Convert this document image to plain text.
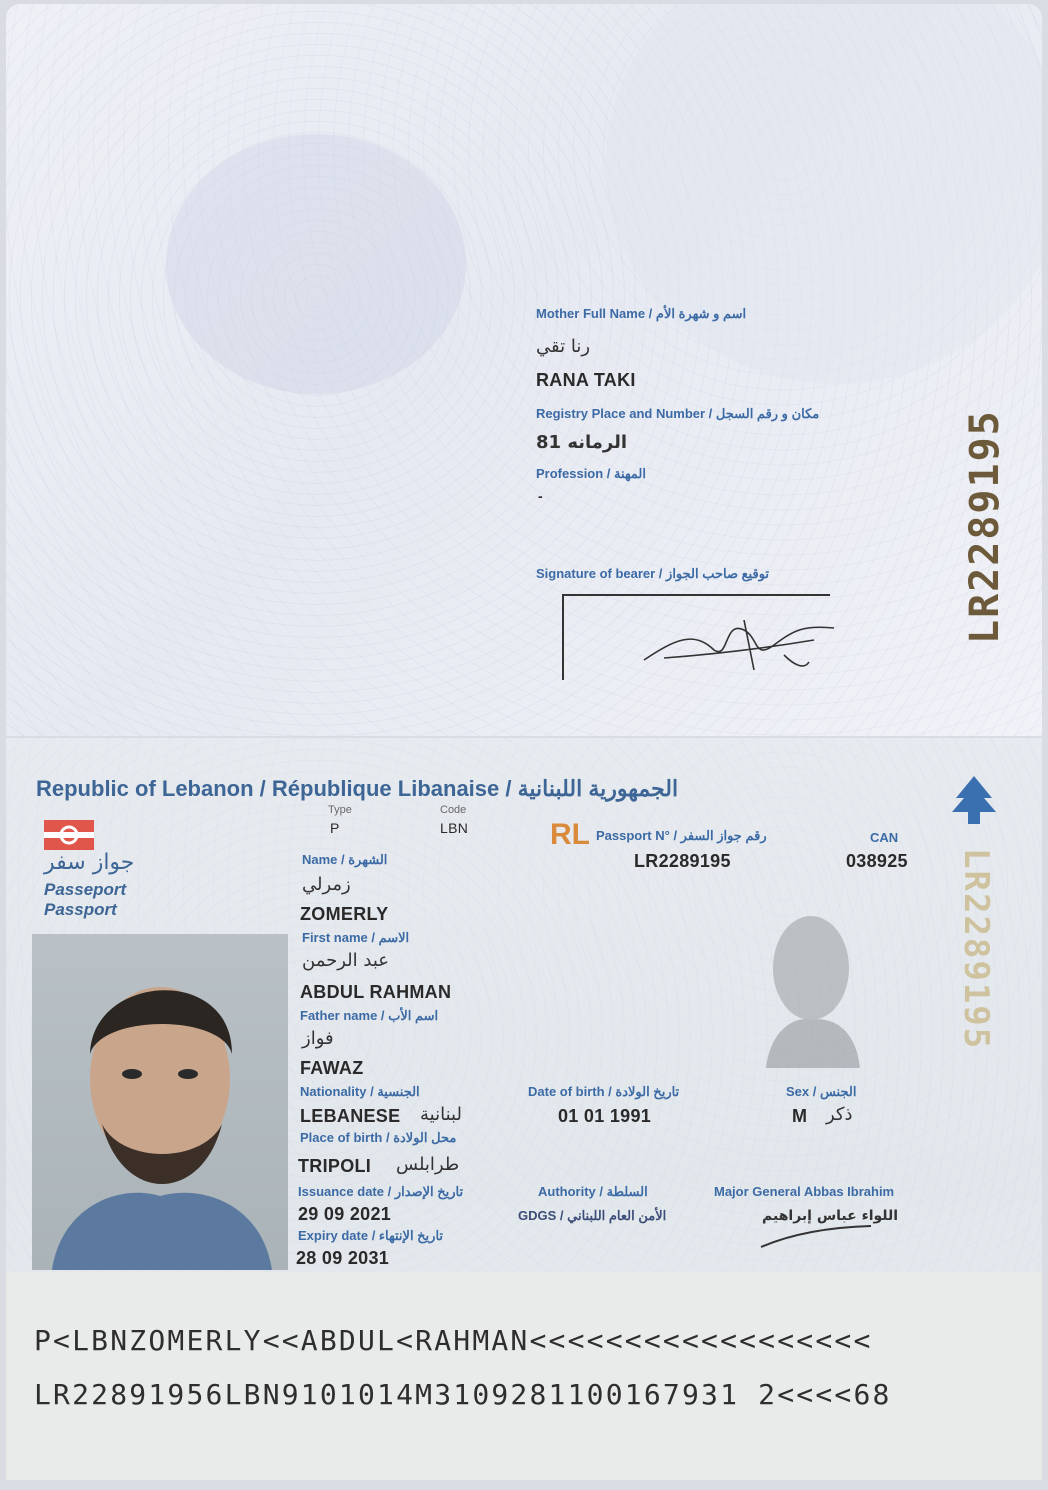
Mother Full Name / اسم و شهرة الأم
رنا تقي
RANA TAKI
Registry Place and Number / مكان و رقم السجل
الرمانه 81
Profession / المهنة
-
Signature of bearer / توقيع صاحب الجواز	LR2289195
Republic of Lebanon / République Libanaise / الجمهورية اللبنانية
جواز سفر
Passeport
Passport	LR2289195
Type
P
Code
LBN	RL Passport N° / رقم جواز السفر
LR2289195
CAN
038925
Name / الشهرة
زمرلي
ZOMERLY
First name / الاسم
عبد الرحمن
ABDUL RAHMAN
Father name / اسم الأب
فواز
FAWAZ
Nationality / الجنسية
LEBANESE لبنانية
Date of birth / تاريخ الولادة
01 01 1991
Sex / الجنس
M ذكر
Place of birth / محل الولادة
TRIPOLI طرابلس
Issuance date / تاريخ الإصدار
29 09 2021
Expiry date / تاريخ الإنتهاء
28 09 2031
Authority / السلطة
GDGS / الأمن العام اللبناني
Major General Abbas Ibrahim
اللواء عباس إبراهيم
P<LBNZOMERLY<<ABDUL<RAHMAN<<<<<<<<<<<<<<<<<<
LR22891956LBN9101014M3109281100167931 2<<<<68
